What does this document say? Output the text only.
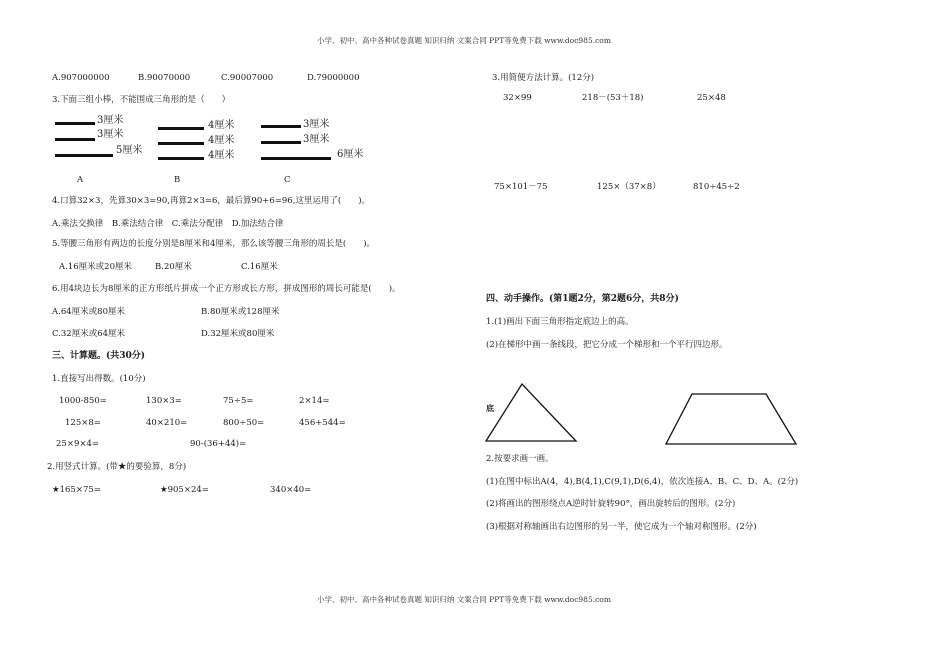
小学、初中、高中各种试卷真题 知识归纳 文案合同 PPT等免费下载 www.doc985.com
小学、初中、高中各种试卷真题 知识归纳 文案合同 PPT等免费下载 www.doc985.com
A.907000000	B.90070000	C.90007000	D.79000000
3.下面三组小棒，不能围成三角形的是（　　）
3厘米
3厘米
5厘米
A
4厘米
4厘米
4厘米
B
3厘米
3厘米
6厘米
C
4.口算32×3，先算30×3=90,再算2×3=6，最后算90+6=96,这里运用了(　　)。
A.乘法交换律　B.乘法结合律　C.乘法分配律　D.加法结合律
5.等腰三角形有两边的长度分别是8厘米和4厘米，那么该等腰三角形的周长是(　　)。
A.16厘米或20厘米	B.20厘米	C.16厘米
6.用4块边长为8厘米的正方形纸片拼成一个正方形或长方形，拼成图形的周长可能是(　　)。
A.64厘米或80厘米	B.80厘米或128厘米
C.32厘米或64厘米	D.32厘米或80厘米
三、计算题。(共30分)
1.直接写出得数。(10分)
1000-850=	130×3=	75÷5=	2×14=
125×8=	40×210=	800÷50=	456+544=
25×9×4=	90-(36+44)=
2.用竖式计算。(带★的要验算，8分)
★165×75=	★905×24=	340×40=
3.用简便方法计算。(12分)
32×99	218－(53＋18)	25×48
75×101－75	125×（37×8）	810÷45÷2
四、动手操作。(第1题2分，第2题6分，共8分)
1.(1)画出下面三角形指定底边上的高。
(2)在梯形中画一条线段，把它分成一个梯形和一个平行四边形。
底
2.按要求画一画。
(1)在图中标出A(4，4),B(4,1),C(9,1),D(6,4)，依次连接A、B、C、D、A。(2分)
(2)将画出的图形绕点A逆时针旋转90°，画出旋转后的图形。(2分)
(3)根据对称轴画出右边图形的另一半，使它成为一个轴对称图形。(2分)
